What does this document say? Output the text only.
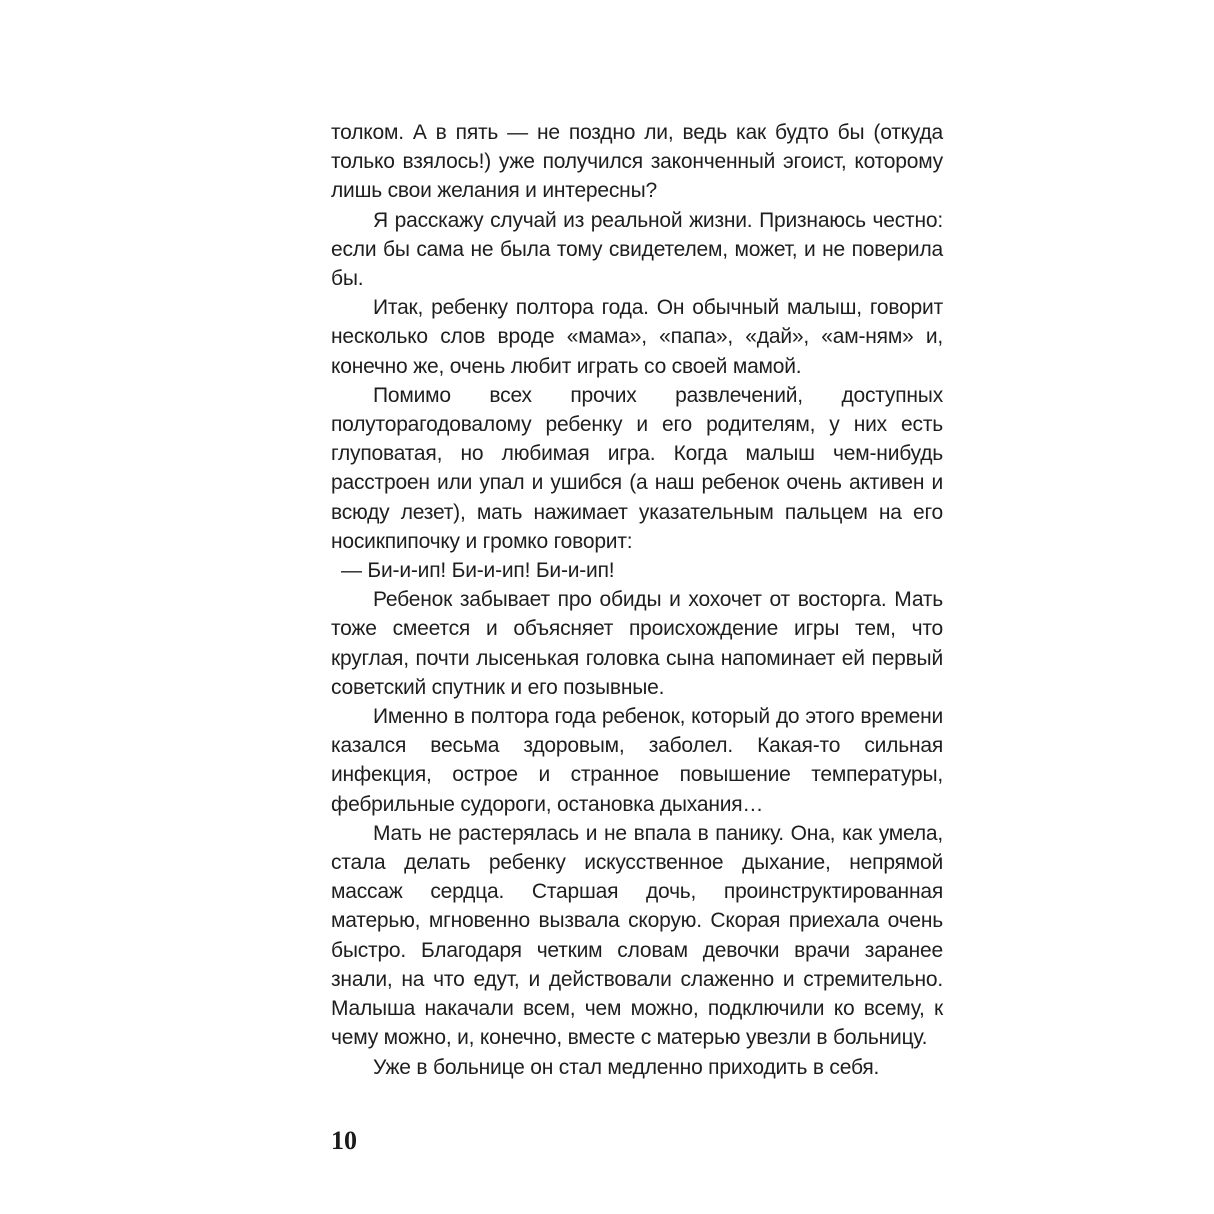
толком. А в пять — не поздно ли, ведь как будто бы (откуда только взялось!) уже получился законченный эгоист, которому лишь свои желания и интересны?

Я расскажу случай из реальной жизни. Признаюсь честно: если бы сама не была тому свидетелем, может, и не поверила бы.

Итак, ребенку полтора года. Он обычный малыш, говорит несколько слов вроде «мама», «папа», «дай», «ам-ням» и, конечно же, очень любит играть со своей мамой.

Помимо всех прочих развлечений, доступных полуторагодовалому ребенку и его родителям, у них есть глуповатая, но любимая игра. Когда малыш чем-нибудь расстроен или упал и ушибся (а наш ребенок очень активен и всюду лезет), мать нажимает указательным пальцем на его носикпипочку и громко говорит:

— Би-и-ип! Би-и-ип! Би-и-ип!

Ребенок забывает про обиды и хохочет от восторга. Мать тоже смеется и объясняет происхождение игры тем, что круглая, почти лысенькая головка сына напоминает ей первый советский спутник и его позывные.

Именно в полтора года ребенок, который до этого времени казался весьма здоровым, заболел. Какая-то сильная инфекция, острое и странное повышение температуры, фебрильные судороги, остановка дыхания…

Мать не растерялась и не впала в панику. Она, как умела, стала делать ребенку искусственное дыхание, непрямой массаж сердца. Старшая дочь, проинструктированная матерью, мгновенно вызвала скорую. Скорая приехала очень быстро. Благодаря четким словам девочки врачи заранее знали, на что едут, и действовали слаженно и стремительно. Малыша накачали всем, чем можно, подключили ко всему, к чему можно, и, конечно, вместе с матерью увезли в больницу.

Уже в больнице он стал медленно приходить в себя.

10
